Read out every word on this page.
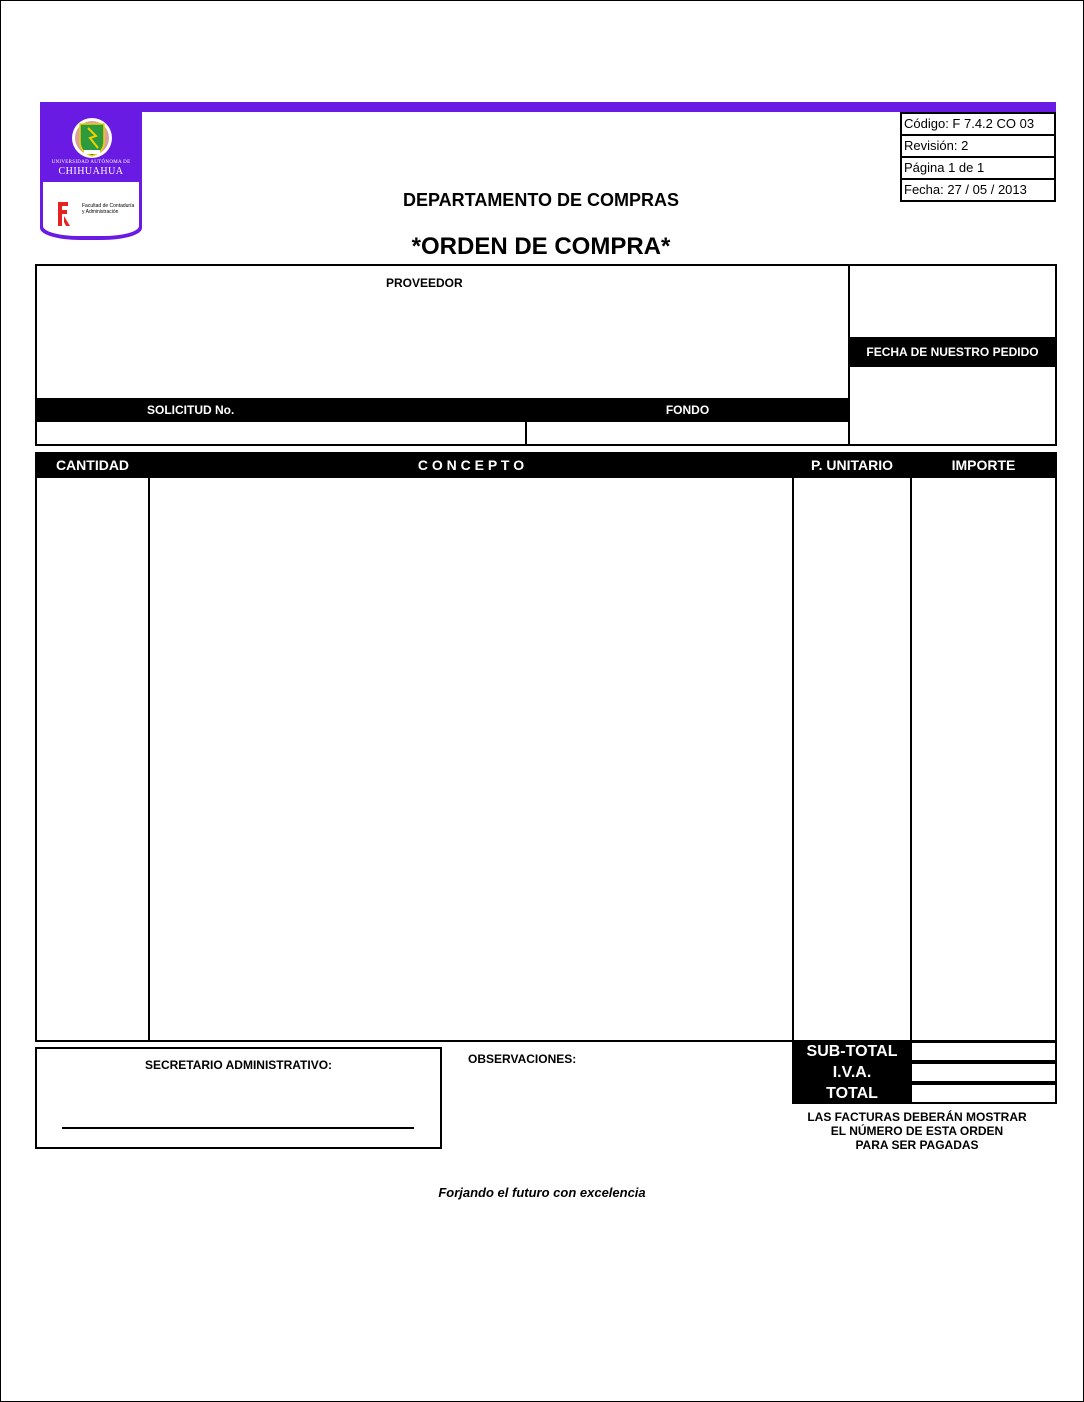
UNIVERSIDAD AUTÓNOMA DE
CHIHUAHUA
Facultad de Contaduría y Administración
Código: F 7.4.2 CO 03
Revisión: 2
Página 1 de 1
Fecha: 27 / 05 / 2013
DEPARTAMENTO DE COMPRAS
*ORDEN DE COMPRA*
PROVEEDOR
FECHA DE NUESTRO PEDIDO
SOLICITUD No.	FONDO
CANTIDAD	C O N C E P T O	P. UNITARIO	IMPORTE
SUB-TOTAL
I.V.A.
TOTAL
LAS FACTURAS DEBERÁN MOSTRAR
EL NÚMERO DE ESTA ORDEN
PARA SER PAGADAS
SECRETARIO ADMINISTRATIVO:	OBSERVACIONES:
Forjando el futuro con excelencia
